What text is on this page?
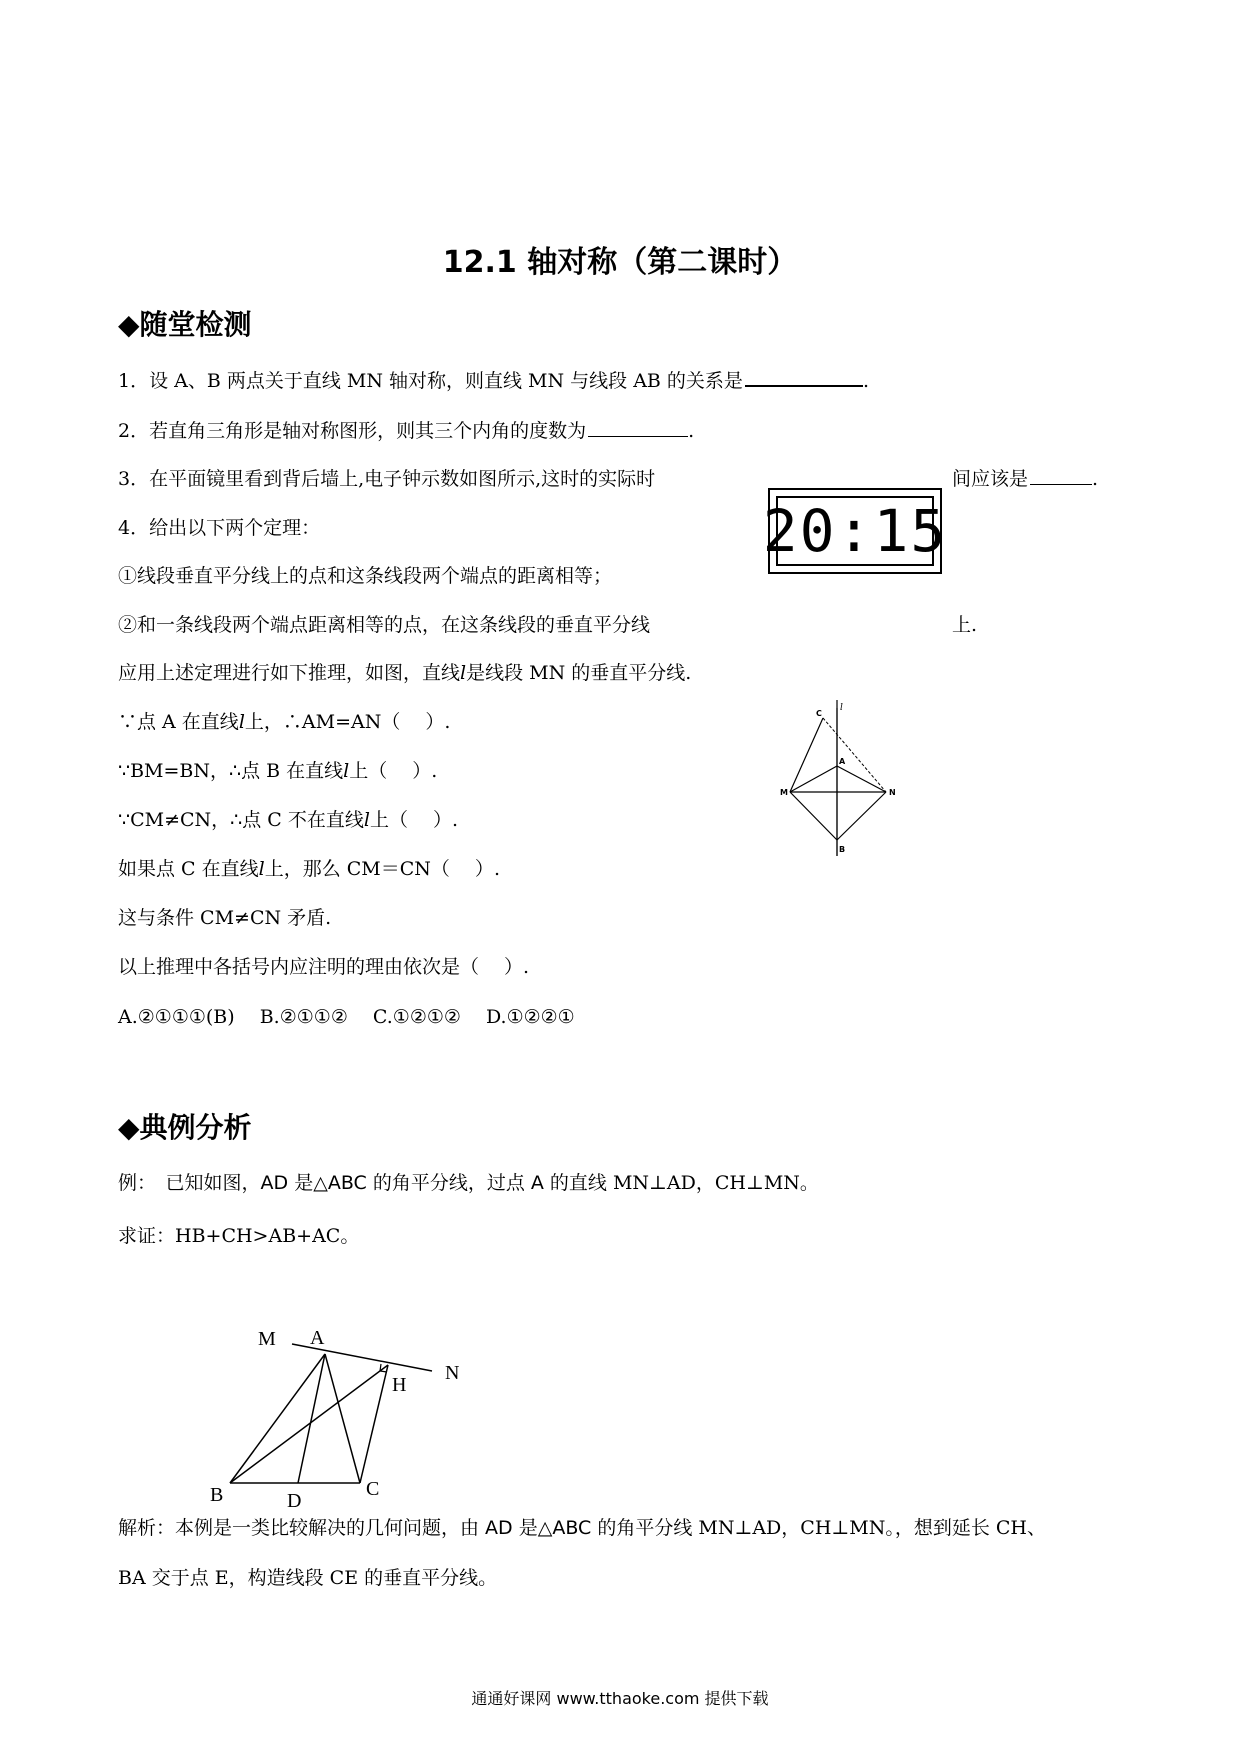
12.1 轴对称（第二课时）
◆随堂检测
1．设 A、B 两点关于直线 MN 轴对称，则直线 MN 与线段 AB 的关系是	.
2．若直角三角形是轴对称图形，则其三个内角的度数为	.
3．在平面镜里看到背后墙上,电子钟示数如图所示,这时的实际时	间应该是	.
20:15
4．给出以下两个定理：
①线段垂直平分线上的点和这条线段两个端点的距离相等；
②和一条线段两个端点距离相等的点，在这条线段的垂直平分线	上.
应用上述定理进行如下推理，如图，直线l是线段 MN 的垂直平分线.
∵点 A 在直线l上，∴AM=AN（　 ）.
∵BM=BN，∴点 B 在直线l上（　 ）.
∵CM≠CN，∴点 C 不在直线l上（　 ）.
如果点 C 在直线l上，那么 CM＝CN（　 ）.
这与条件 CM≠CN 矛盾.
以上推理中各括号内应注明的理由依次是（　 ）.
A.②①①①(B)　 B.②①①②　 C.①②①②　 D.①②②①
C
l
A
M	N
B
◆典例分析
例：　已知如图，AD 是△ABC 的角平分线，过点 A 的直线 MN⊥AD，CH⊥MN。
求证：HB+CH>AB+AC。
M A
N
H
B	D
C
解析：本例是一类比较解决的几何问题，由 AD 是△ABC 的角平分线 MN⊥AD，CH⊥MN。，想到延长 CH、
BA 交于点 E，构造线段 CE 的垂直平分线。
通通好课网 www.tthaoke.com 提供下载
